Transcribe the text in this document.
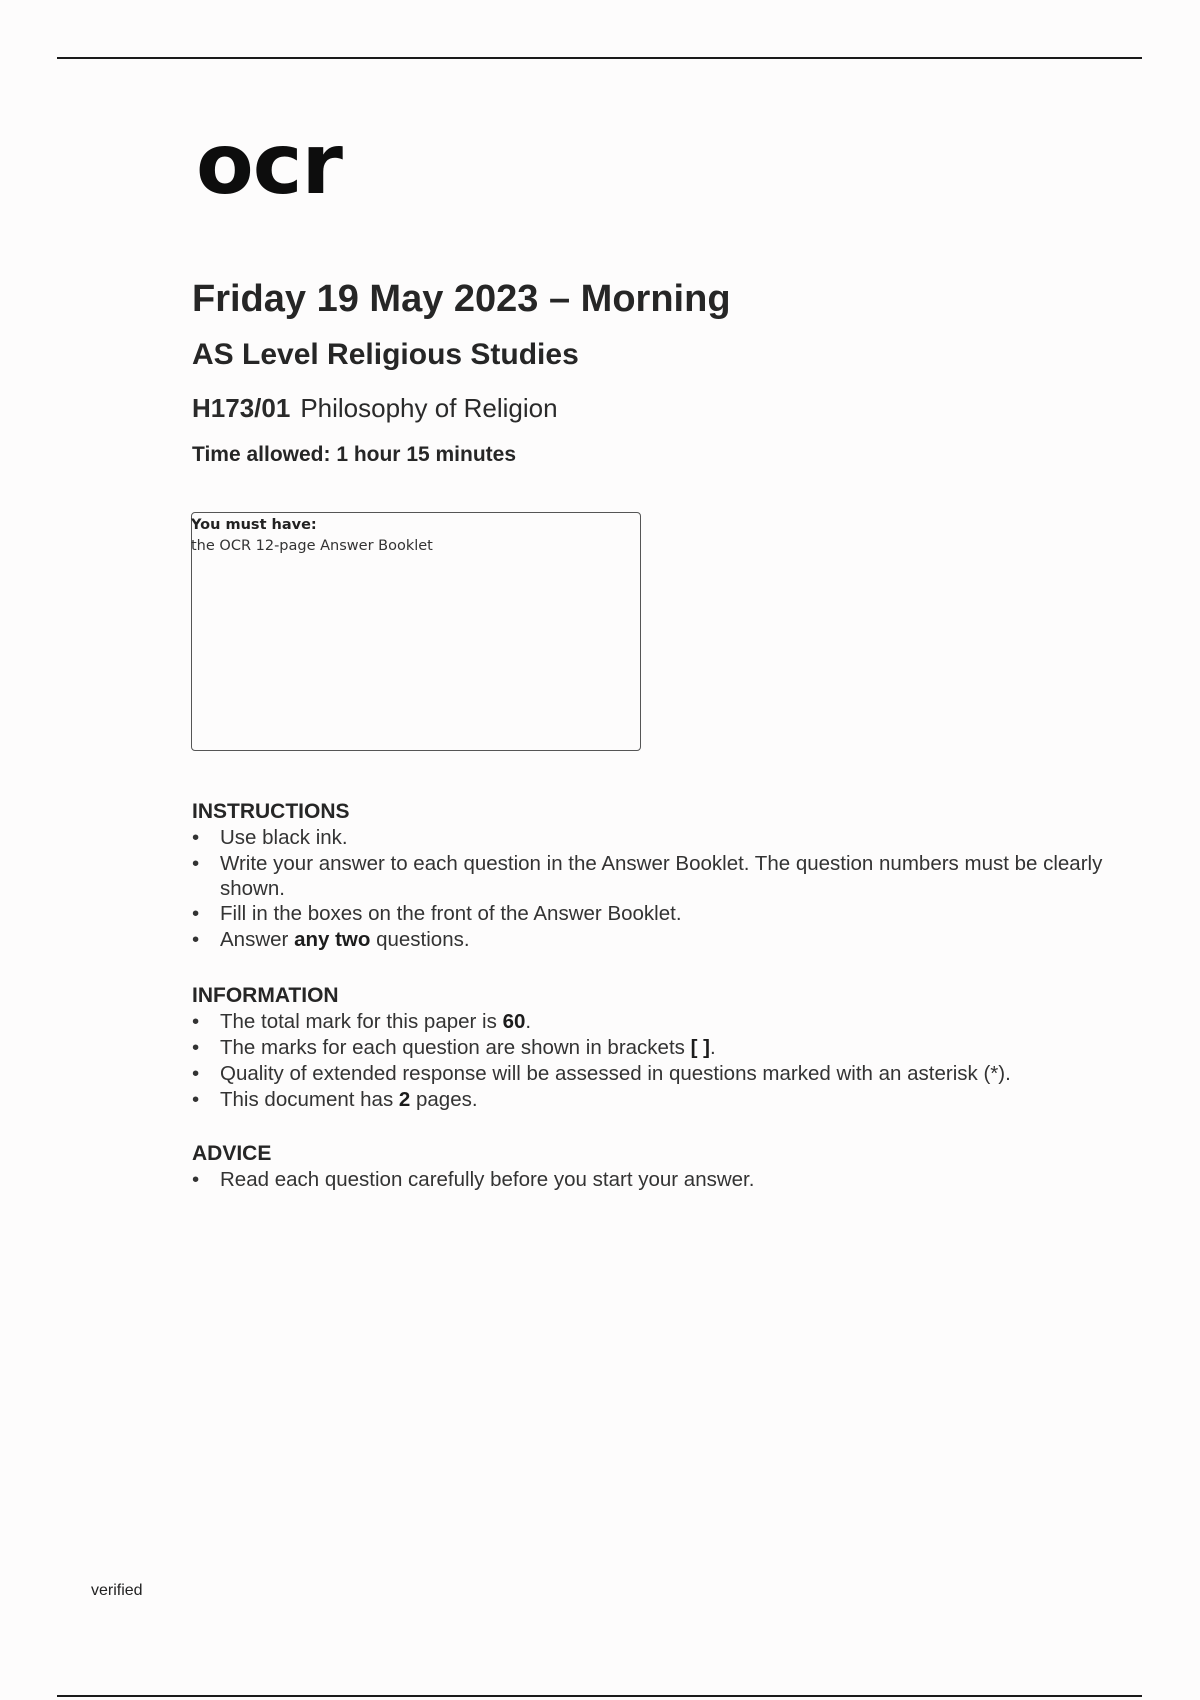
ocr
Friday 19 May 2023 – Morning
AS Level Religious Studies
H173/01 Philosophy of Religion
Time allowed: 1 hour 15 minutes
You must have:
the OCR 12-page Answer Booklet
INSTRUCTIONS
•	Use black ink.
•	Write your answer to each question in the Answer Booklet. The question numbers must be clearly shown.
•	Fill in the boxes on the front of the Answer Booklet.
•	Answer any two questions.
INFORMATION
•	The total mark for this paper is 60.
•	The marks for each question are shown in brackets [ ].
•	Quality of extended response will be assessed in questions marked with an asterisk (*).
•	This document has 2 pages.
ADVICE
•	Read each question carefully before you start your answer.
verified
